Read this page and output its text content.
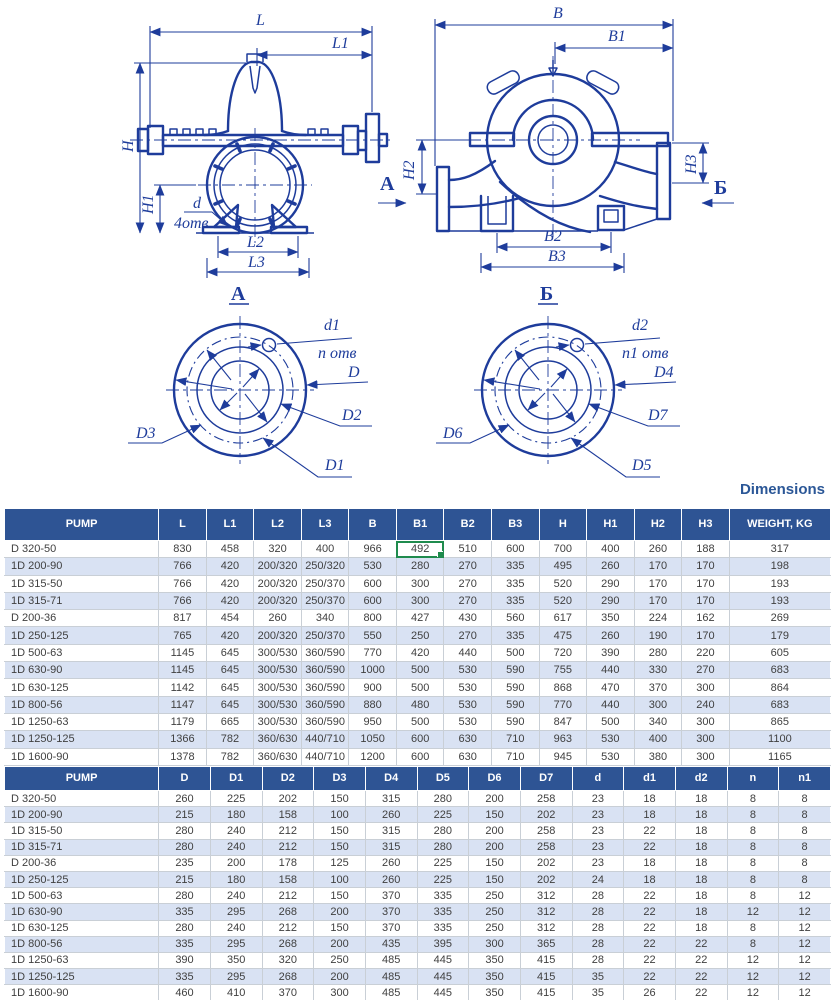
L
L1
H
H1 d
4отв
L2
L3
А
B
B1
H2	H3
Б
B2
B3
А
d1
n отв
D
D2
D1
D3
Б
d2
n1 отв
D4
D7
D5
D6
Dimensions
PUMP	L	L1	L2	L3	B	B1	B2	B3	H	H1	H2	H3	WEIGHT, KG
D 320-50	830	458	320	400	966	492	510	600	700	400	260	188	317
1D 200-90	766	420	200/320	250/320	530	280	270	335	495	260	170	170	198
1D 315-50	766	420	200/320	250/370	600	300	270	335	520	290	170	170	193
1D 315-71	766	420	200/320	250/370	600	300	270	335	520	290	170	170	193
D 200-36	817	454	260	340	800	427	430	560	617	350	224	162	269
1D 250-125	765	420	200/320	250/370	550	250	270	335	475	260	190	170	179
1D 500-63	1145	645	300/530	360/590	770	420	440	500	720	390	280	220	605
1D 630-90	1145	645	300/530	360/590	1000	500	530	590	755	440	330	270	683
1D 630-125	1142	645	300/530	360/590	900	500	530	590	868	470	370	300	864
1D 800-56	1147	645	300/530	360/590	880	480	530	590	770	440	300	240	683
1D 1250-63	1179	665	300/530	360/590	950	500	530	590	847	500	340	300	865
1D 1250-125	1366	782	360/630	440/710	1050	600	630	710	963	530	400	300	1100
1D 1600-90	1378	782	360/630	440/710	1200	600	630	710	945	530	380	300	1165
PUMP	D	D1	D2	D3	D4	D5	D6	D7	d	d1	d2	n	n1
D 320-50	260	225	202	150	315	280	200	258	23	18	18	8	8
1D 200-90	215	180	158	100	260	225	150	202	23	18	18	8	8
1D 315-50	280	240	212	150	315	280	200	258	23	22	18	8	8
1D 315-71	280	240	212	150	315	280	200	258	23	22	18	8	8
D 200-36	235	200	178	125	260	225	150	202	23	18	18	8	8
1D 250-125	215	180	158	100	260	225	150	202	24	18	18	8	8
1D 500-63	280	240	212	150	370	335	250	312	28	22	18	8	12
1D 630-90	335	295	268	200	370	335	250	312	28	22	18	12	12
1D 630-125	280	240	212	150	370	335	250	312	28	22	18	8	12
1D 800-56	335	295	268	200	435	395	300	365	28	22	22	8	12
1D 1250-63	390	350	320	250	485	445	350	415	28	22	22	12	12
1D 1250-125	335	295	268	200	485	445	350	415	35	22	22	12	12
1D 1600-90	460	410	370	300	485	445	350	415	35	26	22	12	12
